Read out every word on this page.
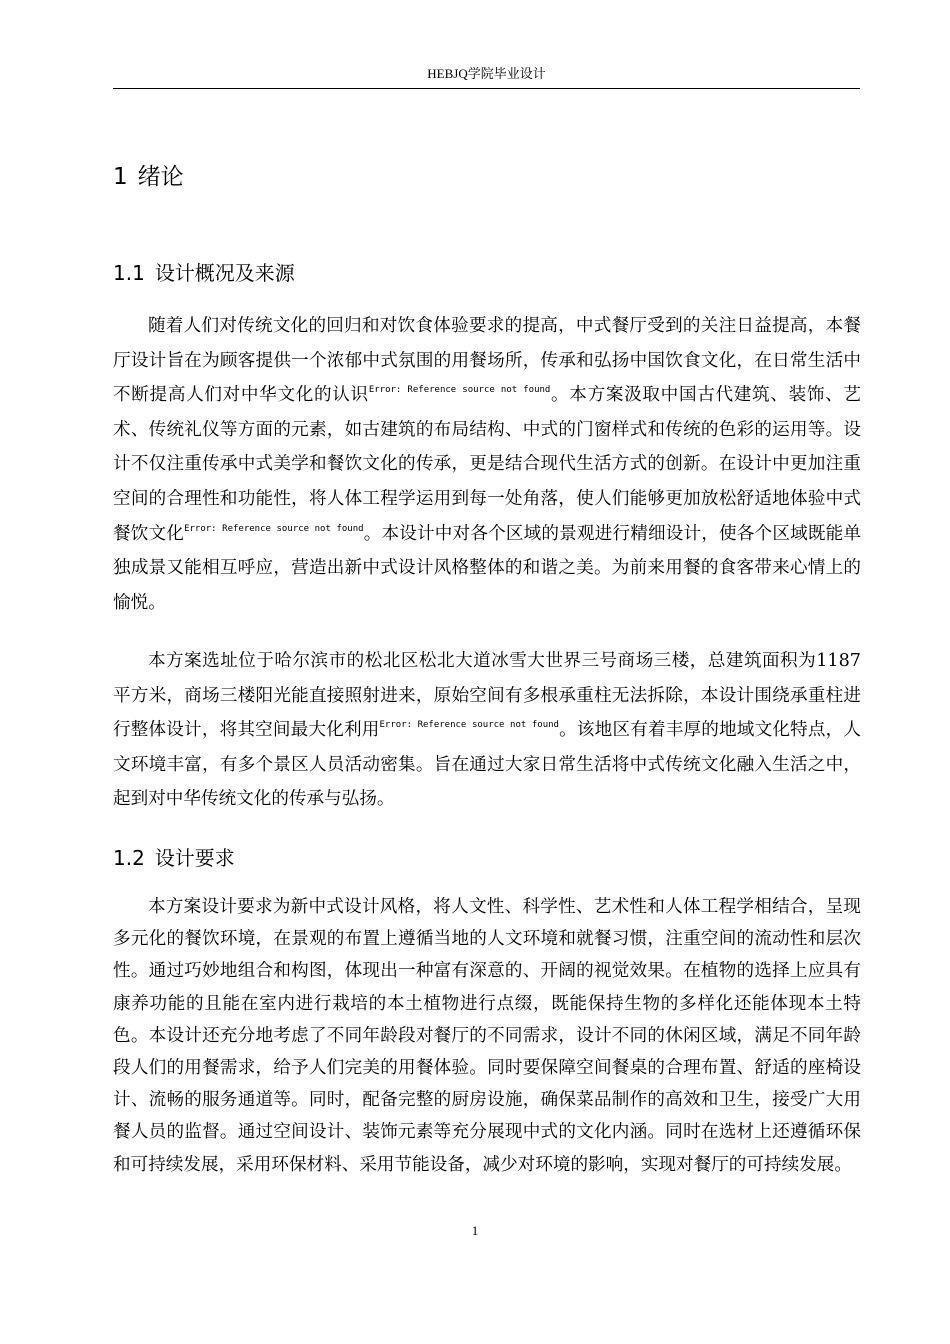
HEBJQ学院毕业设计
1 绪论
1.1 设计概况及来源

随着人们对传统文化的回归和对饮食体验要求的提高，中式餐厅受到的关注日益提高，本餐厅设计旨在为顾客提供一个浓郁中式氛围的用餐场所，传承和弘扬中国饮食文化，在日常生活中不断提高人们对中华文化的认识$^{Error: Reference source not found}$。本方案汲取中国古代建筑、装饰、艺术、传统礼仪等方面的元素，如古建筑的布局结构、中式的门窗样式和传统的色彩的运用等。设计不仅注重传承中式美学和餐饮文化的传承，更是结合现代生活方式的创新。在设计中更加注重空间的合理性和功能性，将人体工程学运用到每一处角落，使人们能够更加放松舒适地体验中式餐饮文化$^{Error: Reference source not found}$。本设计中对各个区域的景观进行精细设计，使各个区域既能单独成景又能相互呼应，营造出新中式设计风格整体的和谐之美。为前来用餐的食客带来心情上的愉悦。

本方案选址位于哈尔滨市的松北区松北大道冰雪大世界三号商场三楼，总建筑面积为1187平方米，商场三楼阳光能直接照射进来，原始空间有多根承重柱无法拆除，本设计围绕承重柱进行整体设计，将其空间最大化利用$^{Error: Reference source not found}$。该地区有着丰厚的地域文化特点，人文环境丰富，有多个景区人员活动密集。旨在通过大家日常生活将中式传统文化融入生活之中，起到对中华传统文化的传承与弘扬。

1.2 设计要求

本方案设计要求为新中式设计风格，将人文性、科学性、艺术性和人体工程学相结合，呈现多元化的餐饮环境，在景观的布置上遵循当地的人文环境和就餐习惯，注重空间的流动性和层次性。通过巧妙地组合和构图，体现出一种富有深意的、开阔的视觉效果。在植物的选择上应具有康养功能的且能在室内进行栽培的本土植物进行点缀，既能保持生物的多样化还能体现本土特色。本设计还充分地考虑了不同年龄段对餐厅的不同需求，设计不同的休闲区域，满足不同年龄段人们的用餐需求，给予人们完美的用餐体验。同时要保障空间餐桌的合理布置、舒适的座椅设计、流畅的服务通道等。同时，配备完整的厨房设施，确保菜品制作的高效和卫生，接受广大用餐人员的监督。通过空间设计、装饰元素等充分展现中式的文化内涵。同时在选材上还遵循环保和可持续发展，采用环保材料、采用节能设备，减少对环境的影响，实现对餐厅的可持续发展。

1
